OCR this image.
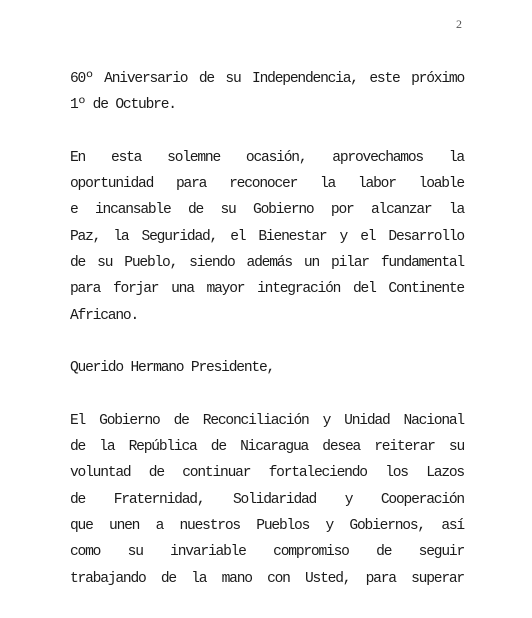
2

60º Aniversario de su Independencia, este próximo
1º de Octubre.

En esta solemne ocasión, aprovechamos la
oportunidad para reconocer la labor loable
e incansable de su Gobierno por alcanzar la
Paz, la Seguridad, el Bienestar y el Desarrollo
de su Pueblo, siendo además un pilar fundamental
para forjar una mayor integración del Continente
Africano.

Querido Hermano Presidente,

El Gobierno de Reconciliación y Unidad Nacional
de la República de Nicaragua desea reiterar su
voluntad de continuar fortaleciendo los Lazos
de Fraternidad, Solidaridad y Cooperación
que unen a nuestros Pueblos y Gobiernos, así
como su invariable compromiso de seguir
trabajando de la mano con Usted, para superar
